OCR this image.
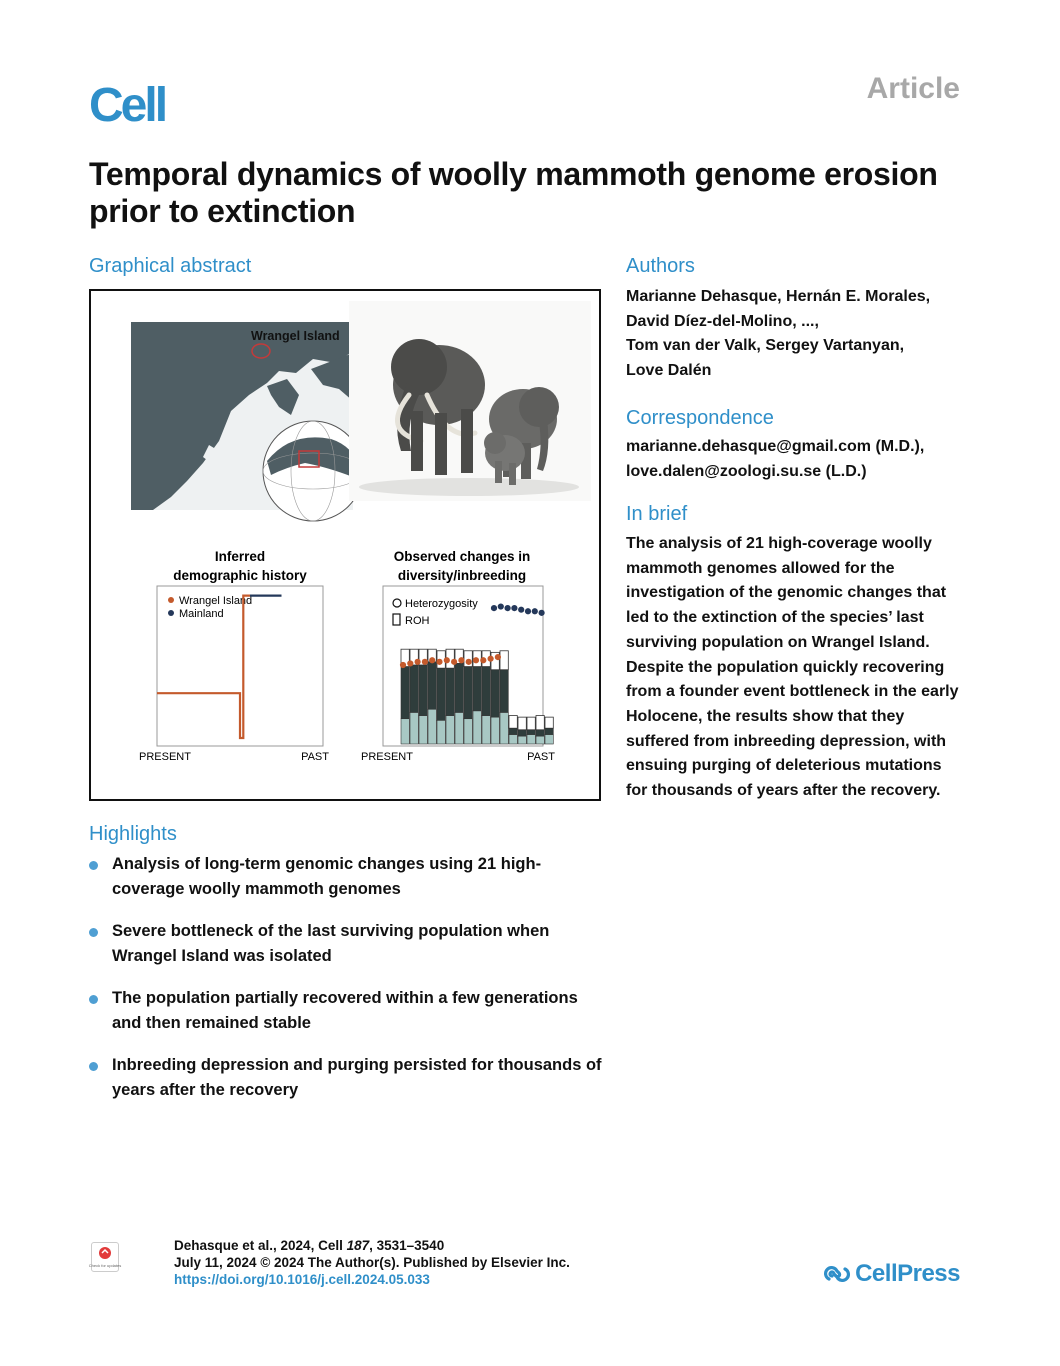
Cell	Article
Temporal dynamics of woolly mammoth genome erosion prior to extinction
Graphical abstract
Wrangel Island
Inferred
demographic history
Wrangel Island
Mainland
PRESENT	PAST
Observed changes in
diversity/inbreeding
Heterozygosity
ROH
PRESENT	PAST
Highlights
Analysis of long-term genomic changes using 21 high-coverage woolly mammoth genomes
Severe bottleneck of the last surviving population when Wrangel Island was isolated
The population partially recovered within a few generations and then remained stable
Inbreeding depression and purging persisted for thousands of years after the recovery
Authors
Marianne Dehasque, Hernán E. Morales,
David Díez-del-Molino, ...,
Tom van der Valk, Sergey Vartanyan,
Love Dalén
Correspondence
marianne.dehasque@gmail.com (M.D.),
love.dalen@zoologi.su.se (L.D.)
In brief
The analysis of 21 high-coverage woolly mammoth genomes allowed for the investigation of the genomic changes that led to the extinction of the species’ last surviving population on Wrangel Island. Despite the population quickly recovering from a founder event bottleneck in the early Holocene, the results show that they suffered from inbreeding depression, with ensuing purging of deleterious mutations for thousands of years after the recovery.
Check for updates
Dehasque et al., 2024, Cell 187, 3531–3540
July 11, 2024 © 2024 The Author(s). Published by Elsevier Inc.
https://doi.org/10.1016/j.cell.2024.05.033	CellPress
